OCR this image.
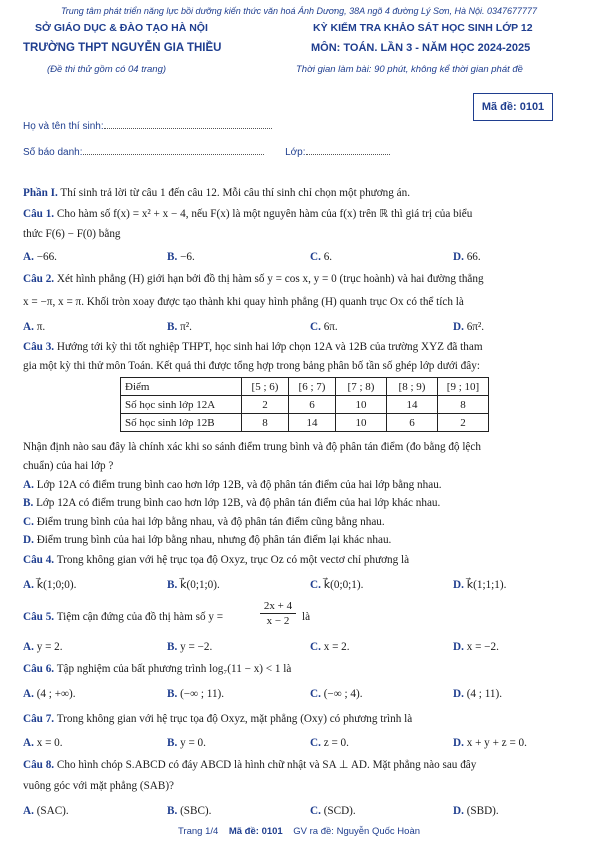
Trung tâm phát triển năng lực bồi dưỡng kiến thức văn hoá Ánh Dương, 38A ngõ 4 đường Lý Sơn, Hà Nội. 0347677777
SỞ GIÁO DỤC & ĐÀO TẠO HÀ NỘI	KỲ KIỂM TRA KHẢO SÁT HỌC SINH LỚP 12
TRƯỜNG THPT NGUYỄN GIA THIỀU	MÔN: TOÁN. LẦN 3 - NĂM HỌC 2024-2025
(Đề thi thử gồm có 04 trang)	Thời gian làm bài: 90 phút, không kể thời gian phát đề
Mã đề: 0101
Họ và tên thí sinh:
Số báo danh:	Lớp:
Phần I. Thí sinh trả lời từ câu 1 đến câu 12. Mỗi câu thí sinh chỉ chọn một phương án.
Câu 1. Cho hàm số f(x) = x² + x − 4, nếu F(x) là một nguyên hàm của f(x) trên ℝ thì giá trị của biểu
thức F(6) − F(0) bằng
A. −66.	B. −6.	C. 6.	D. 66.
Câu 2. Xét hình phẳng (H) giới hạn bởi đồ thị hàm số y = cos x, y = 0 (trục hoành) và hai đường thẳng
x = −π, x = π. Khối tròn xoay được tạo thành khi quay hình phẳng (H) quanh trục Ox có thể tích là
A. π.	B. π².	C. 6π.	D. 6π².
Câu 3. Hướng tới kỳ thi tốt nghiệp THPT, học sinh hai lớp chọn 12A và 12B của trường XYZ đã tham
gia một kỳ thi thử môn Toán. Kết quả thi được tổng hợp trong bảng phân bố tần số ghép lớp dưới đây:
Điểm	[5 ; 6)	[6 ; 7)	[7 ; 8)	[8 ; 9)	[9 ; 10]
Số học sinh lớp 12A	2	6	10	14	8
Số học sinh lớp 12B	8	14	10	6	2
Nhận định nào sau đây là chính xác khi so sánh điểm trung bình và độ phân tán điểm (đo bằng độ lệch
chuẩn) của hai lớp ?
A. Lớp 12A có điểm trung bình cao hơn lớp 12B, và độ phân tán điểm của hai lớp bằng nhau.
B. Lớp 12A có điểm trung bình cao hơn lớp 12B, và độ phân tán điểm của hai lớp khác nhau.
C. Điểm trung bình của hai lớp bằng nhau, và độ phân tán điểm cũng bằng nhau.
D. Điểm trung bình của hai lớp bằng nhau, nhưng độ phân tán điểm lại khác nhau.
Câu 4. Trong không gian với hệ trục tọa độ Oxyz, trục Oz có một vectơ chỉ phương là
A. k⃗(1;0;0).	B. k⃗(0;1;0).	C. k⃗(0;0;1).	D. k⃗(1;1;1).
Câu 5. Tiệm cận đứng của đồ thị hàm số y =	$\frac{2x + 4}{x - 2}$ là
A. y = 2.	B. y = −2.	C. x = 2.	D. x = −2.
Câu 6. Tập nghiệm của bất phương trình log₇(11 − x) < 1 là
A. (4 ; +∞).	B. (−∞ ; 11).	C. (−∞ ; 4).	D. (4 ; 11).
Câu 7. Trong không gian với hệ trục tọa độ Oxyz, mặt phẳng (Oxy) có phương trình là
A. x = 0.	B. y = 0.	C. z = 0.	D. x + y + z = 0.
Câu 8. Cho hình chóp S.ABCD có đáy ABCD là hình chữ nhật và SA ⊥ AD. Mặt phẳng nào sau đây
vuông góc với mặt phẳng (SAB)?
A. (SAC).	B. (SBC).	C. (SCD).	D. (SBD).
Trang 1/4 Mã đề: 0101 GV ra đề: Nguyễn Quốc Hoàn
